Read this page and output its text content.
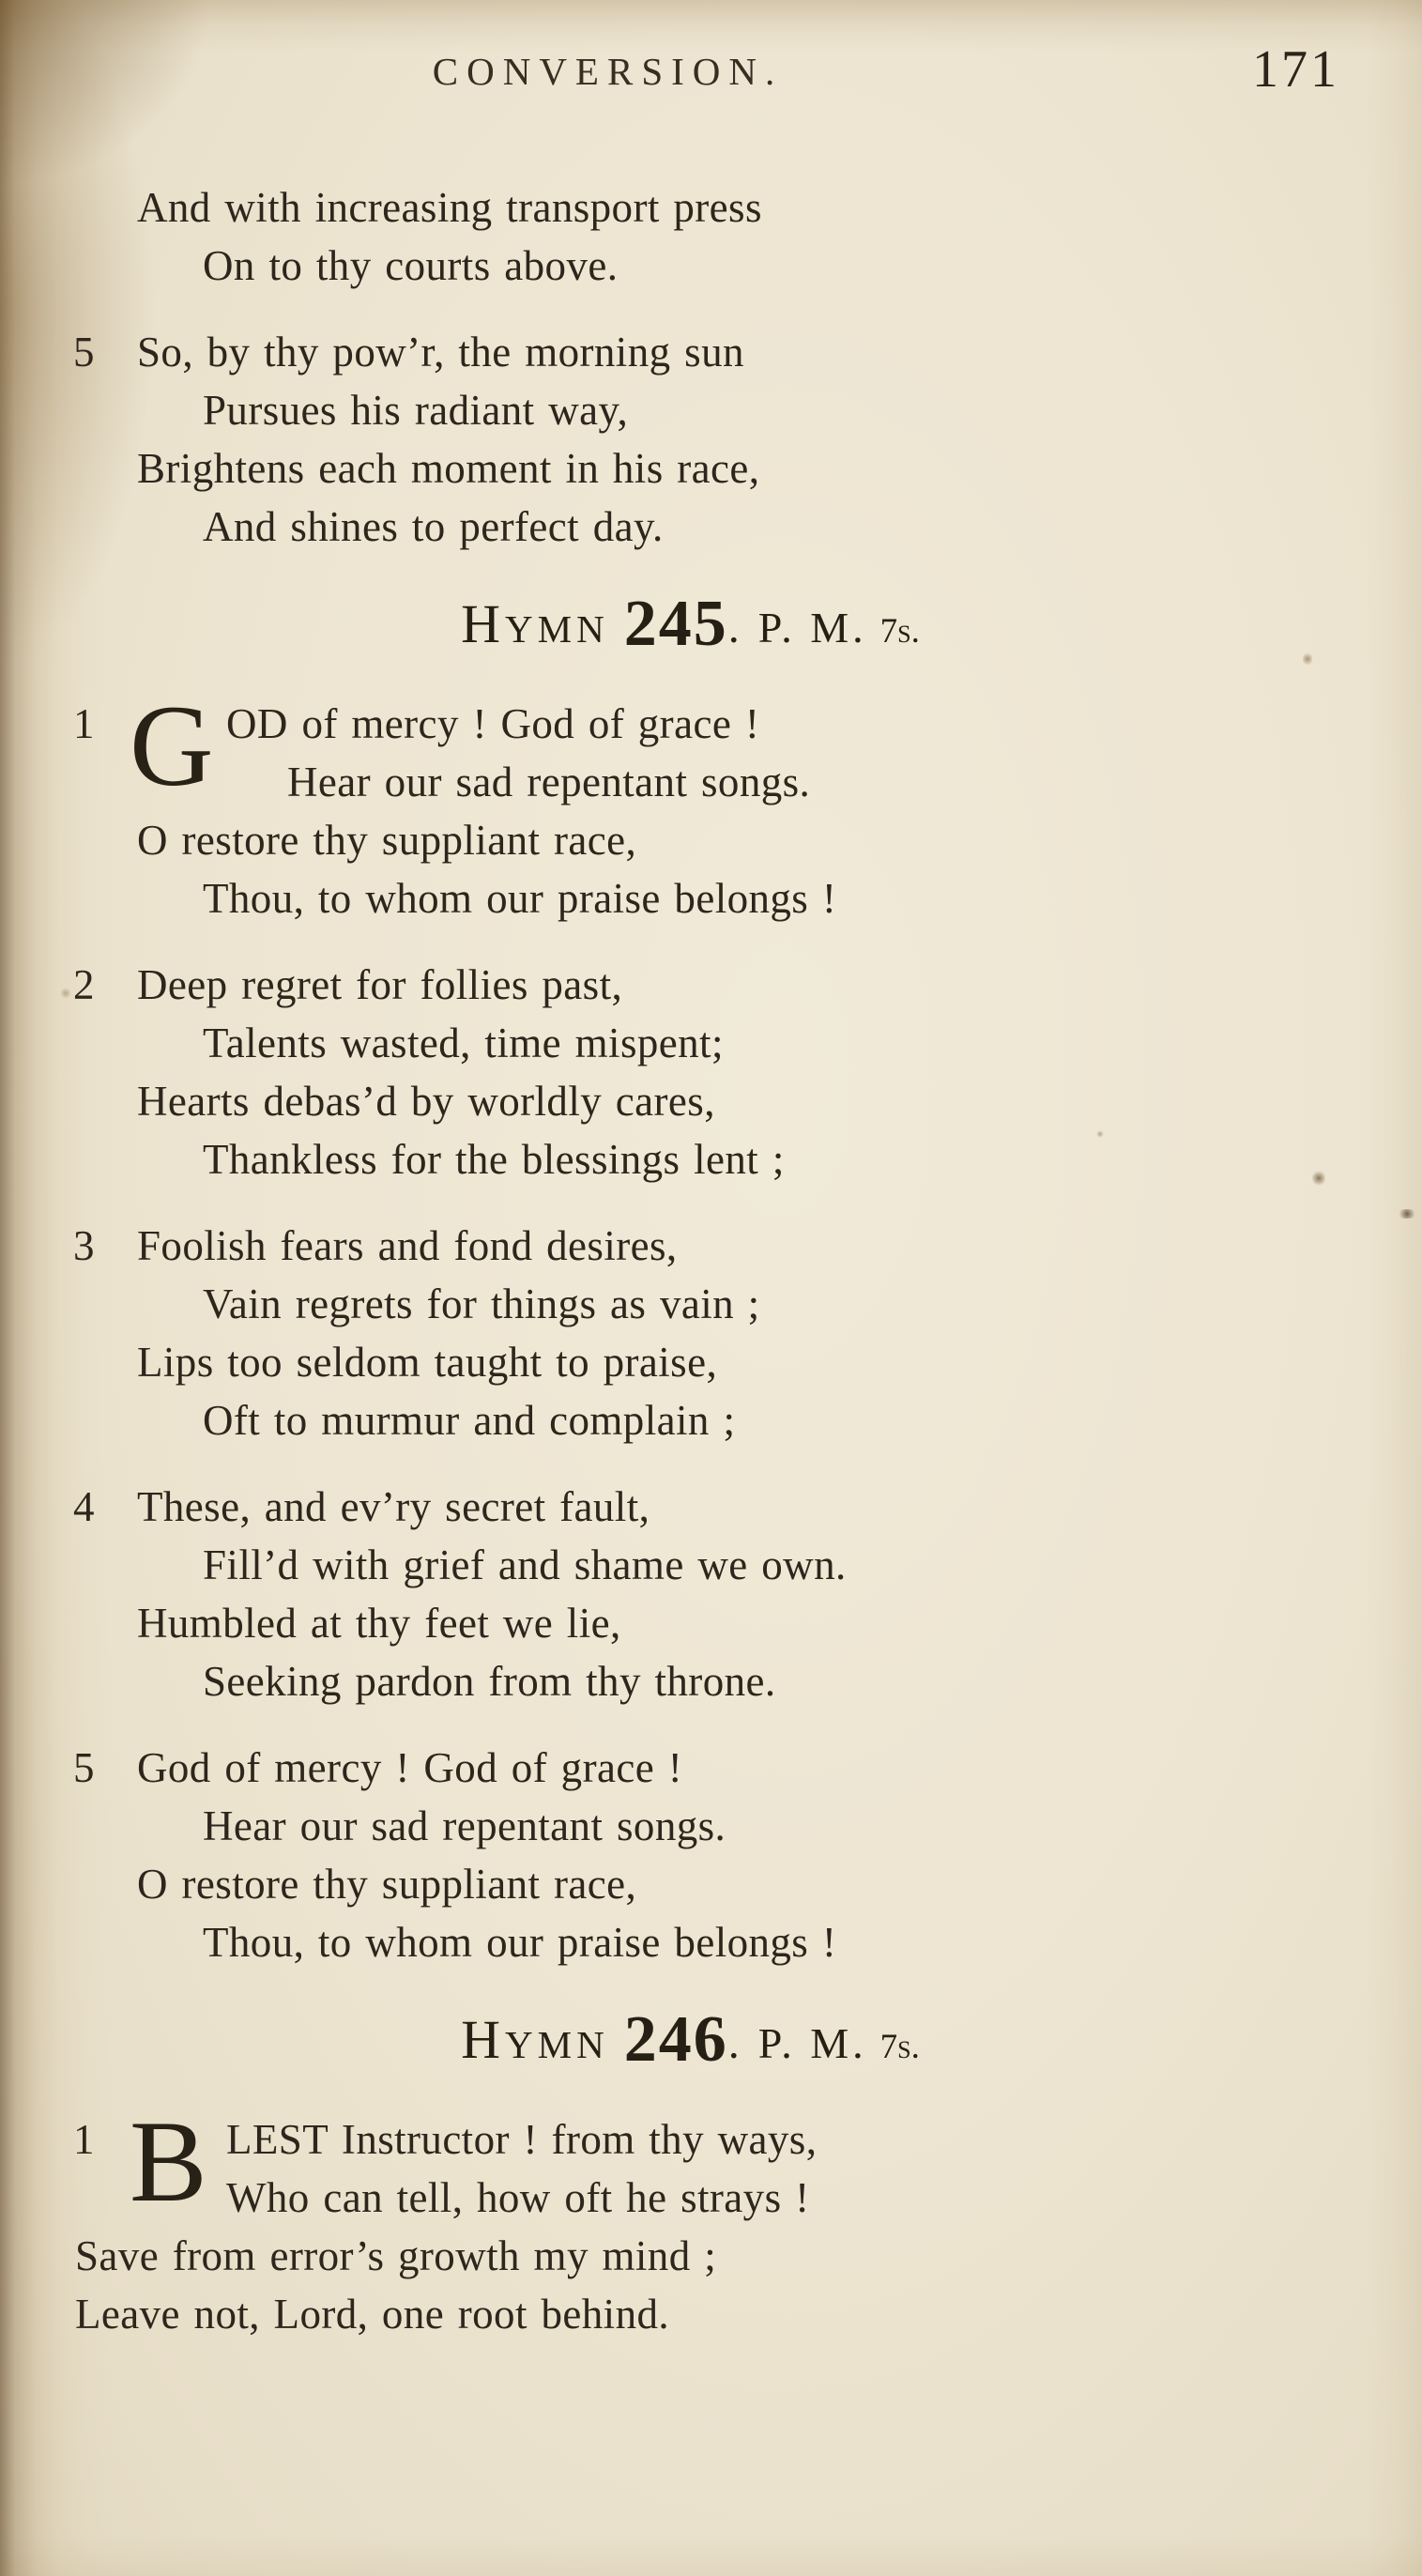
CONVERSION.	171
And with increasing transport press
On to thy courts above.
5 So, by thy pow’r, the morning sun
Pursues his radiant way,
Brightens each moment in his race,
And shines to perfect day.
Hymn 245. P. M. 7s.
1 G OD of mercy ! God of grace !
Hear our sad repentant songs.
O restore thy suppliant race,
Thou, to whom our praise belongs !
2 Deep regret for follies past,
Talents wasted, time mispent;
Hearts debas’d by worldly cares,
Thankless for the blessings lent ;
3 Foolish fears and fond desires,
Vain regrets for things as vain ;
Lips too seldom taught to praise,
Oft to murmur and complain ;
4 These, and ev’ry secret fault,
Fill’d with grief and shame we own.
Humbled at thy feet we lie,
Seeking pardon from thy throne.
5 God of mercy ! God of grace !
Hear our sad repentant songs.
O restore thy suppliant race,
Thou, to whom our praise belongs !
Hymn 246. P. M. 7s.
1 B LEST Instructor ! from thy ways,
Who can tell, how oft he strays !
Save from error’s growth my mind ;
Leave not, Lord, one root behind.
